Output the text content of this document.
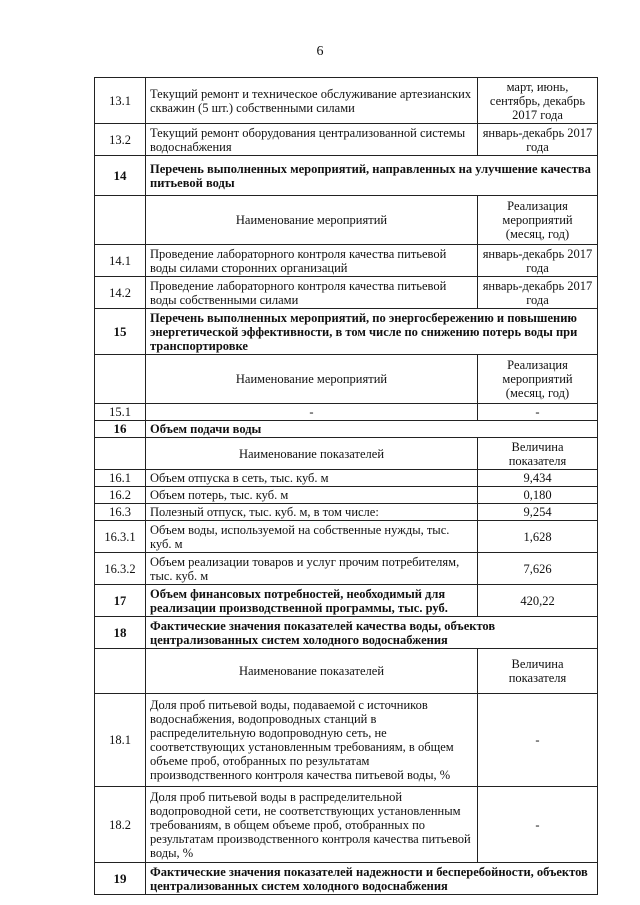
6
13.1	Текущий ремонт и техническое обслуживание артезианских скважин (5 шт.) собственными силами	март, июнь, сентябрь, декабрь 2017 года
13.2	Текущий ремонт оборудования централизованной системы водоснабжения	январь-декабрь 2017 года
14	Перечень выполненных мероприятий, направленных на улучшение качества питьевой воды	
	Наименование мероприятий	Реализация мероприятий (месяц, год)
14.1	Проведение лабораторного контроля качества питьевой воды силами сторонних организаций	январь-декабрь 2017 года
14.2	Проведение лабораторного контроля качества питьевой воды собственными силами	январь-декабрь 2017 года
15	Перечень выполненных мероприятий, по энергосбережению и повышению энергетической эффективности, в том числе по снижению потерь воды при транспортировке	
	Наименование мероприятий	Реализация мероприятий (месяц, год)
15.1	-	-
16	Объем подачи воды	
	Наименование показателей	Величина показателя
16.1	Объем отпуска в сеть, тыс. куб. м	9,434
16.2	Объем потерь, тыс. куб. м	0,180
16.3	Полезный отпуск, тыс. куб. м, в том числе:	9,254
16.3.1	Объем воды, используемой на собственные нужды, тыс. куб. м	1,628
16.3.2	Объем реализации товаров и услуг прочим потребителям, тыс. куб. м	7,626
17	Объем финансовых потребностей, необходимый для реализации производственной программы, тыс. руб.	420,22
18	Фактические значения показателей качества воды, объектов централизованных систем холодного водоснабжения	
	Наименование показателей	Величина показателя
18.1	Доля проб питьевой воды, подаваемой с источников водоснабжения, водопроводных станций в распределительную водопроводную сеть, не соответствующих установленным требованиям, в общем объеме проб, отобранных по результатам производственного контроля качества питьевой воды, %	-
18.2	Доля проб питьевой воды в распределительной водопроводной сети, не соответствующих установленным требованиям, в общем объеме проб, отобранных по результатам производственного контроля качества питьевой воды, %	-
19	Фактические значения показателей надежности и бесперебойности, объектов централизованных систем холодного водоснабжения	
